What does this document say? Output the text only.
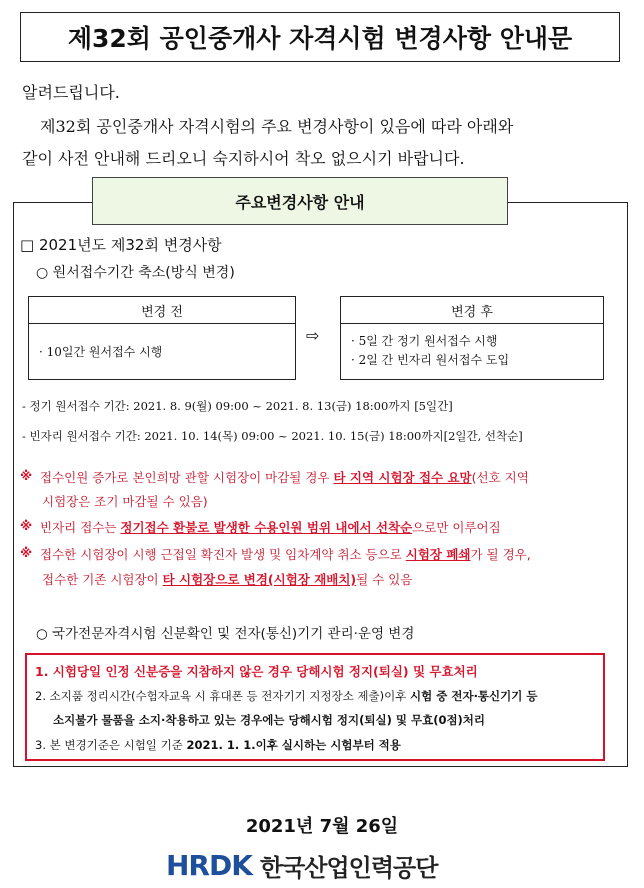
제32회 공인중개사 자격시험 변경사항 안내문
알려드립니다.
제32회 공인중개사 자격시험의 주요 변경사항이 있음에 따라 아래와
같이 사전 안내해 드리오니 숙지하시어 착오 없으시기 바랍니다.
주요변경사항 안내
□ 2021년도 제32회 변경사항
○ 원서접수기간 축소(방식 변경)
변경 전
· 10일간 원서접수 시행
⇨
변경 후
· 5일 간 정기 원서접수 시행
· 2일 간 빈자리 원서접수 도입
- 정기 원서접수 기간: 2021. 8. 9(월) 09:00 ~ 2021. 8. 13(금) 18:00까지 [5일간]
- 빈자리 원서접수 기간: 2021. 10. 14(목) 09:00 ~ 2021. 10. 15(금) 18:00까지[2일간, 선착순]
※ 접수인원 증가로 본인희망 관할 시험장이 마감될 경우 타 지역 시험장 접수 요망(선호 지역
시험장은 조기 마감될 수 있음)
※ 빈자리 접수는 정기접수 환불로 발생한 수용인원 범위 내에서 선착순으로만 이루어짐
※ 접수한 시험장이 시행 근접일 확진자 발생 및 임차계약 취소 등으로 시험장 폐쇄가 될 경우,
접수한 기존 시험장이 타 시험장으로 변경(시험장 재배치)될 수 있음
○ 국가전문자격시험 신분확인 및 전자(통신)기기 관리·운영 변경
1. 시험당일 인정 신분증을 지참하지 않은 경우 당해시험 정지(퇴실) 및 무효처리
2. 소지품 정리시간(수험자교육 시 휴대폰 등 전자기기 지정장소 제출)이후 시험 중 전자·통신기기 등
소지불가 물품을 소지·착용하고 있는 경우에는 당해시험 정지(퇴실) 및 무효(0점)처리
3. 본 변경기준은 시험일 기준 2021. 1. 1.이후 실시하는 시험부터 적용
2021년 7월 26일
HRDK 한국산업인력공단
